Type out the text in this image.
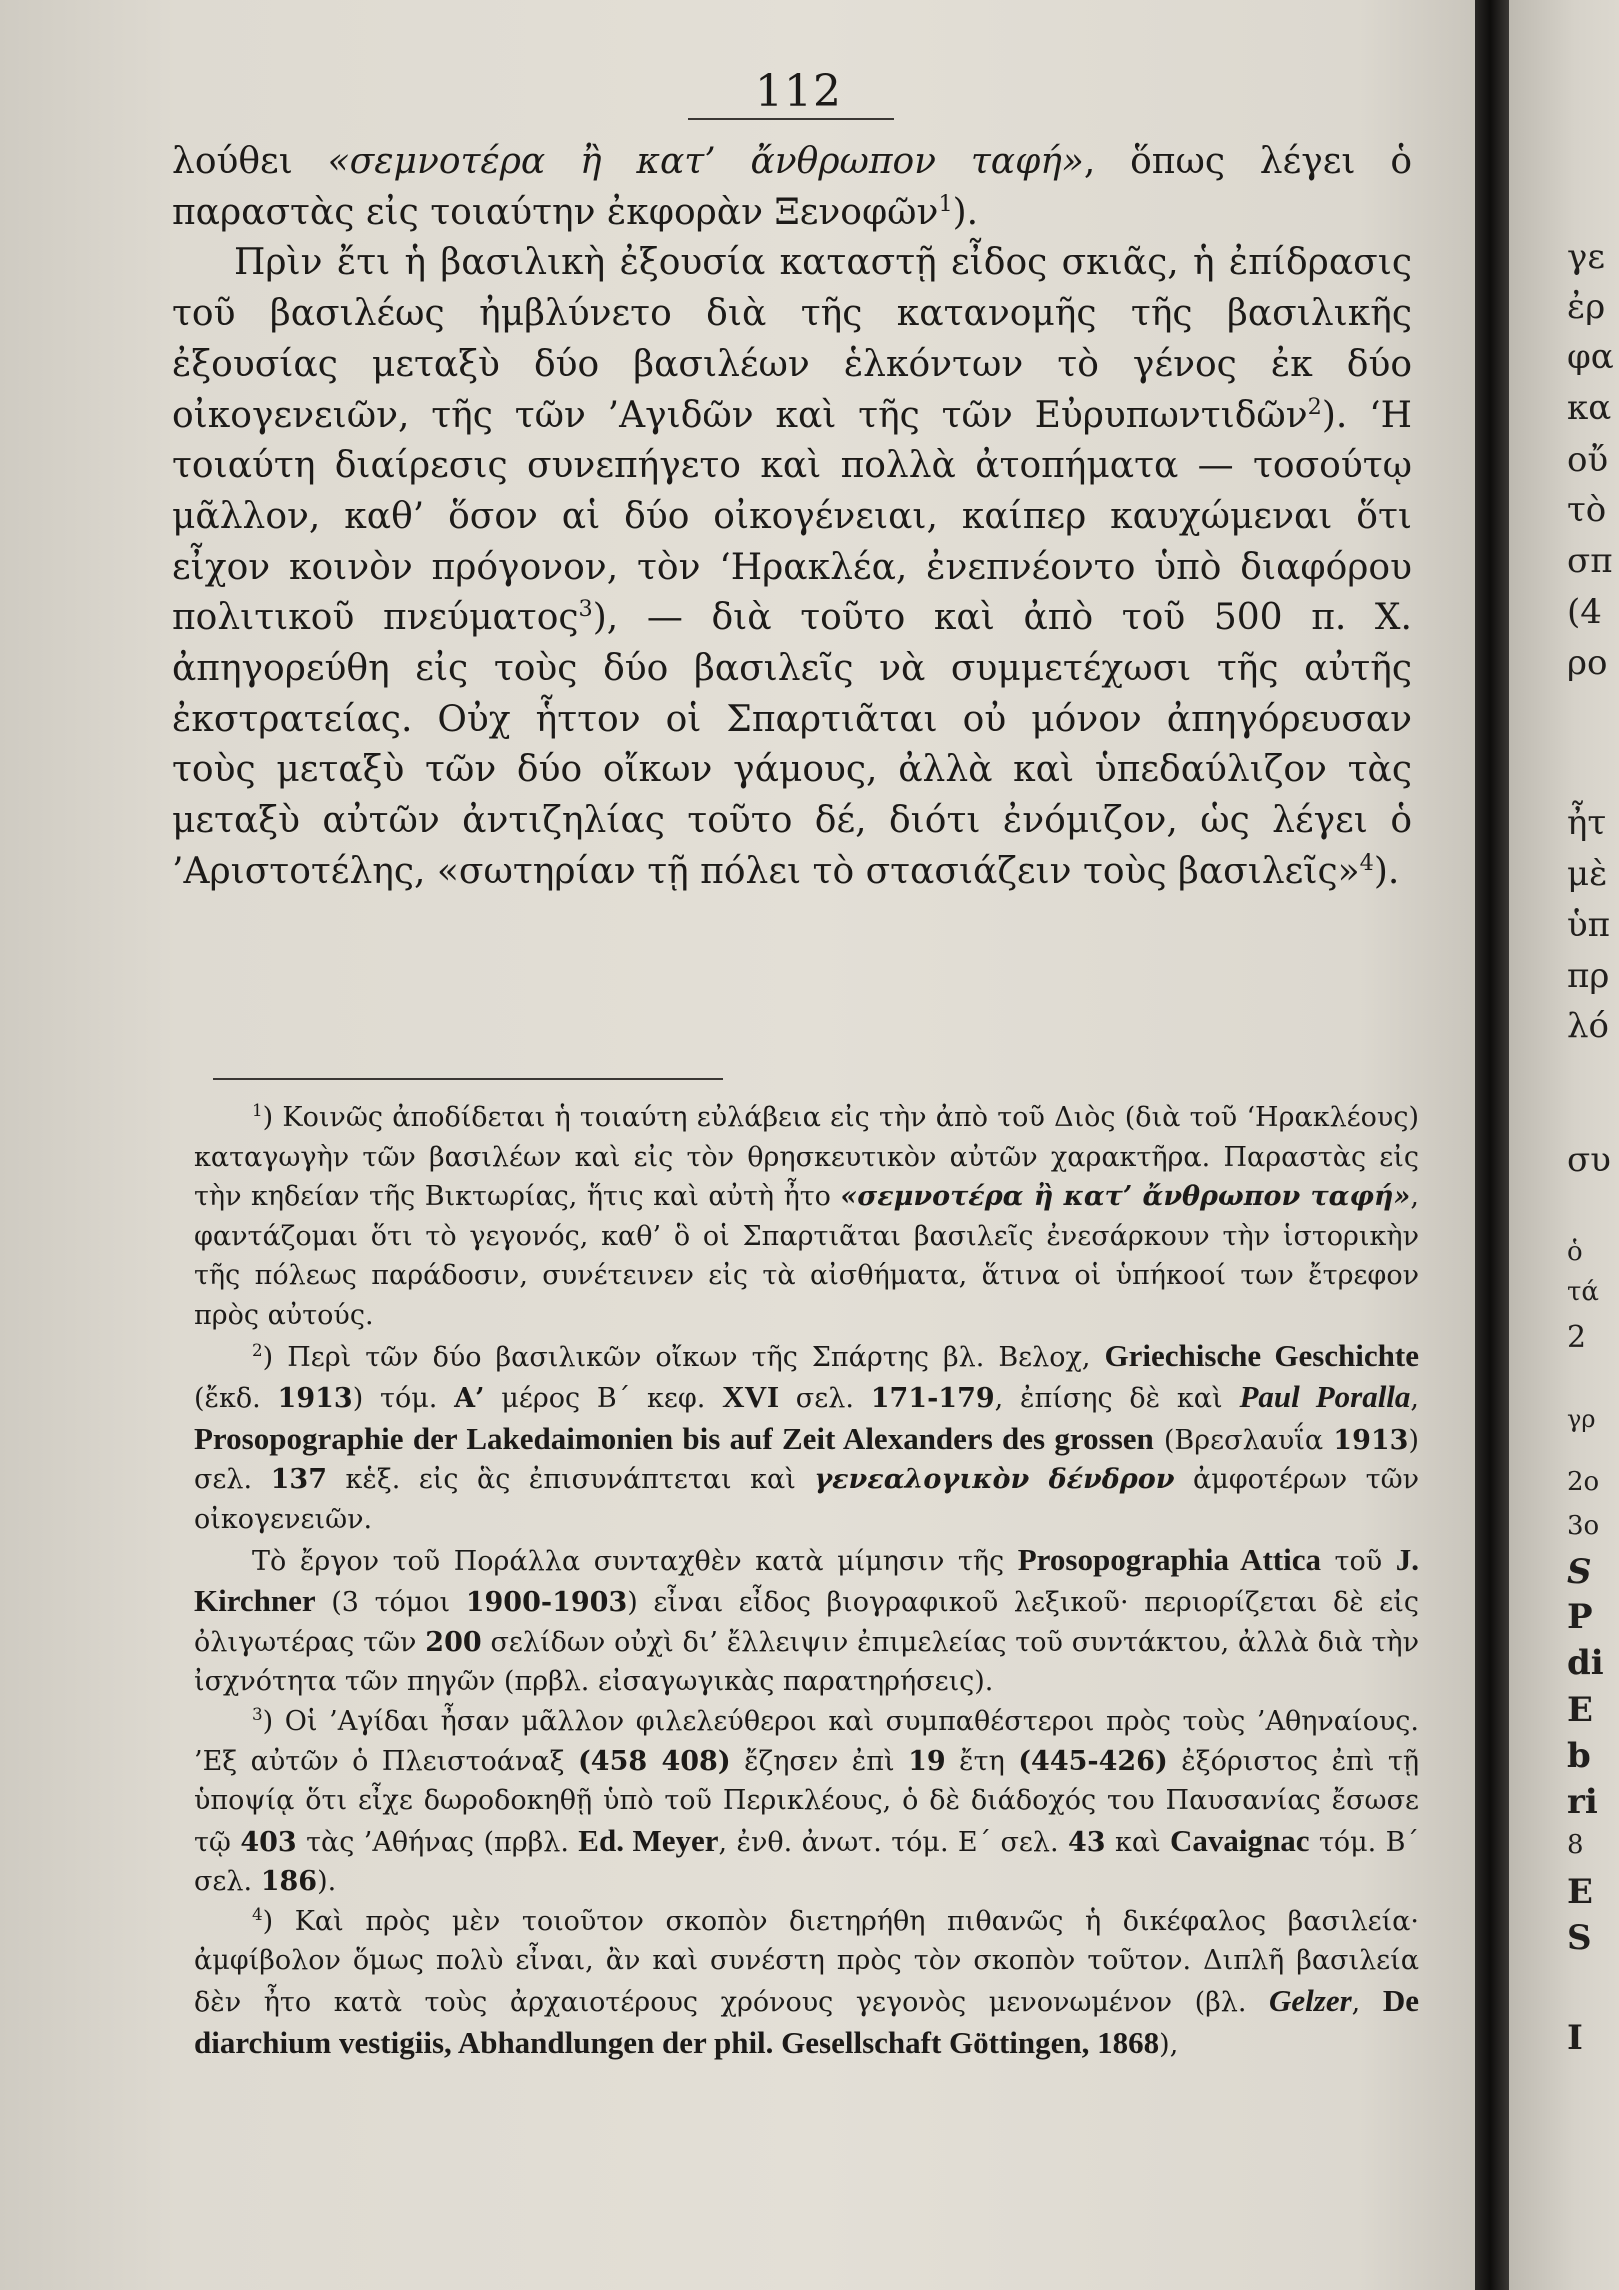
112

λούθει «σεμνοτέρα ἢ κατ’ ἄνθρωπον ταφή», ὅπως λέγει ὁ παραστὰς εἰς τοιαύτην ἐκφορὰν Ξενοφῶν$^1$).

Πρὶν ἔτι ἡ βασιλικὴ ἐξουσία καταστῇ εἶδος σκιᾶς, ἡ ἐπίδρασις τοῦ βασιλέως ἠμβλύνετο διὰ τῆς κατανομῆς τῆς βασιλικῆς ἐξουσίας μεταξὺ δύο βασιλέων ἑλκόντων τὸ γένος ἐκ δύο οἰκογενειῶν, τῆς τῶν ’Αγιδῶν καὶ τῆς τῶν Εὐρυπωντιδῶν$^2$). ‘Η τοιαύτη διαίρεσις συνεπήγετο καὶ πολλὰ ἀτοπήματα — τοσούτῳ μᾶλλον, καθ’ ὅσον αἱ δύο οἰκογένειαι, καίπερ καυχώμεναι ὅτι εἶχον κοινὸν πρόγονον, τὸν ‘Ηρακλέα, ἐνεπνέοντο ὑπὸ διαφόρου πολιτικοῦ πνεύματος$^3$), — διὰ τοῦτο καὶ ἀπὸ τοῦ 500 π. Χ. ἀπηγορεύθη εἰς τοὺς δύο βασιλεῖς νὰ συμμετέχωσι τῆς αὐτῆς ἐκστρατείας. Οὐχ ἧττον οἱ Σπαρτιᾶται οὐ μόνον ἀπηγόρευσαν τοὺς μεταξὺ τῶν δύο οἴκων γάμους, ἀλλὰ καὶ ὑπεδαύλιζον τὰς μεταξὺ αὐτῶν ἀντιζηλίας τοῦτο δέ, διότι ἐνόμιζον, ὡς λέγει ὁ ’Αριστοτέλης, «σωτηρίαν τῇ πόλει τὸ στασιάζειν τοὺς βασιλεῖς»$^4$).

$^1$) Κοινῶς ἀποδίδεται ἡ τοιαύτη εὐλάβεια εἰς τὴν ἀπὸ τοῦ Διὸς (διὰ τοῦ ‘Ηρακλέους) καταγωγὴν τῶν βασιλέων καὶ εἰς τὸν θρησκευτικὸν αὐτῶν χαρακτῆρα. Παραστὰς εἰς τὴν κηδείαν τῆς Βικτωρίας, ἥτις καὶ αὐτὴ ἦτο «σεμνοτέρα ἢ κατ’ ἄνθρωπον ταφή», φαντάζομαι ὅτι τὸ γεγονός, καθ’ ὃ οἱ Σπαρτιᾶται βασιλεῖς ἐνεσάρκουν τὴν ἱστορικὴν τῆς πόλεως παράδοσιν, συνέτεινεν εἰς τὰ αἰσθήματα, ἅτινα οἱ ὑπήκοοί των ἔτρεφον πρὸς αὐτούς.

$^2$) Περὶ τῶν δύο βασιλικῶν οἴκων τῆς Σπάρτης βλ. Βελοχ, Griechische Geschichte (ἔκδ. 1913) τόμ. Α’ μέρος Β΄ κεφ. XVI σελ. 171-179, ἐπίσης δὲ καὶ Paul Poralla, Prosopographie der Lakedaimonien bis auf Zeit Alexanders des grossen (Βρεσλαυΐα 1913) σελ. 137 κἑξ. εἰς ἃς ἐπισυνάπτεται καὶ γενεαλογικὸν δένδρον ἀμφοτέρων τῶν οἰκογενειῶν.

Τὸ ἔργον τοῦ Ποράλλα συνταχθὲν κατὰ μίμησιν τῆς Prosopographia Attica τοῦ J. Kirchner (3 τόμοι 1900-1903) εἶναι εἶδος βιογραφικοῦ λεξικοῦ· περιορίζεται δὲ εἰς ὀλιγωτέρας τῶν 200 σελίδων οὐχὶ δι’ ἔλλειψιν ἐπιμελείας τοῦ συντάκτου, ἀλλὰ διὰ τὴν ἰσχνότητα τῶν πηγῶν (πρβλ. εἰσαγωγικὰς παρατηρήσεις).

$^3$) Οἱ ’Αγίδαι ἦσαν μᾶλλον φιλελεύθεροι καὶ συμπαθέστεροι πρὸς τοὺς ’Αθηναίους. ’Εξ αὐτῶν ὁ Πλειστοάναξ (458 408) ἔζησεν ἐπὶ 19 ἔτη (445-426) ἐξόριστος ἐπὶ τῇ ὑποψίᾳ ὅτι εἶχε δωροδοκηθῇ ὑπὸ τοῦ Περικλέους, ὁ δὲ διάδοχός του Παυσανίας ἔσωσε τῷ 403 τὰς ’Αθήνας (πρβλ. Ed. Meyer, ἐνθ. ἀνωτ. τόμ. Ε΄ σελ. 43 καὶ Cavaignac τόμ. Β΄ σελ. 186).

$^4$) Καὶ πρὸς μὲν τοιοῦτον σκοπὸν διετηρήθη πιθανῶς ἡ δικέφαλος βασιλεία· ἀμφίβολον ὅμως πολὺ εἶναι, ἂν καὶ συνέστη πρὸς τὸν σκοπὸν τοῦτον. Διπλῆ βασιλεία δὲν ἦτο κατὰ τοὺς ἀρχαιοτέρους χρόνους γεγονὸς μενονωμένον (βλ. Gelzer, De diarchium vestigiis, Abhandlungen der phil. Gesellschaft Göttingen, 1868),

γε
ἐρ
φα
κα
οὔ
τὸ
σπ
(4
ρο
ἦτ
μὲ
ὑπ
πρ
λό
συ
ὁ
τά
2
γρ
2ο
3ο
S
P
di
E
b
ri
8
E
S
I
